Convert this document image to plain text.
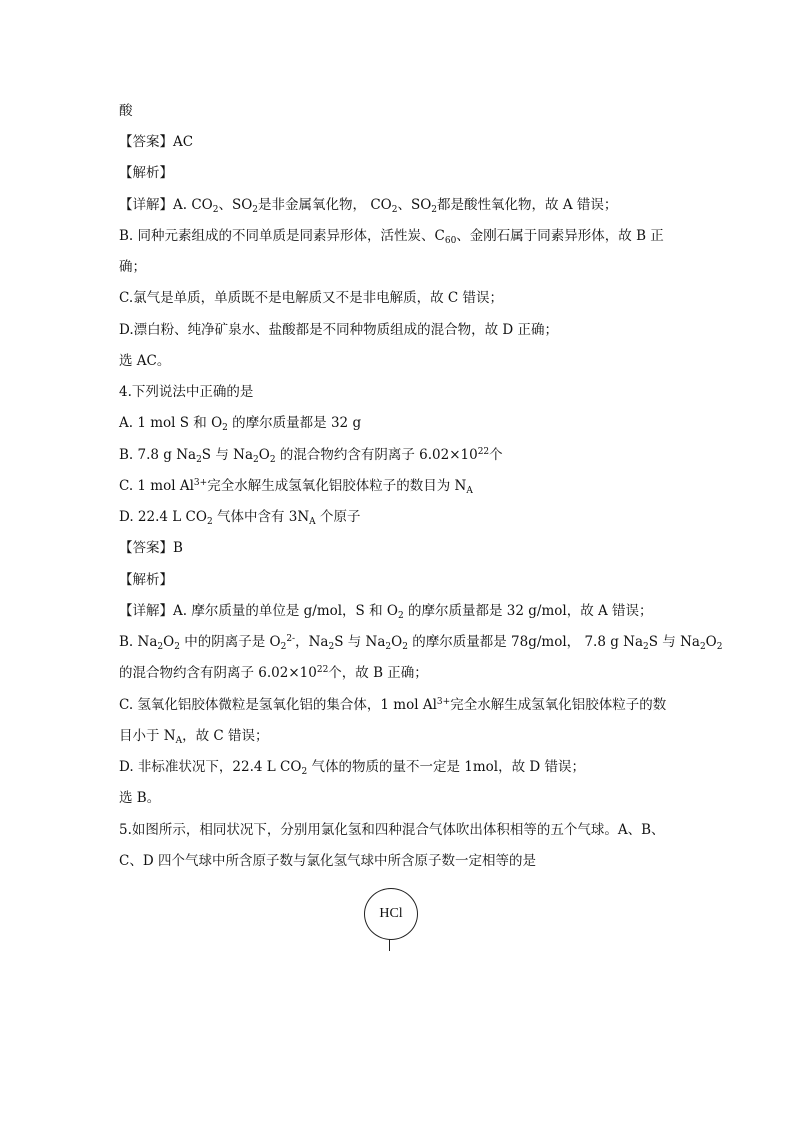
酸
【答案】AC
【解析】
【详解】A. $CO_2$、$SO_2$是非金属氧化物， $CO_2$、$SO_2$都是酸性氧化物，故 A 错误；
B. 同种元素组成的不同单质是同素异形体，活性炭、$C_{60}$、金刚石属于同素异形体，故 B 正
确；
C.氯气是单质，单质既不是电解质又不是非电解质，故 C 错误；
D.漂白粉、纯净矿泉水、盐酸都是不同种物质组成的混合物，故 D 正确；
选 AC。
4.下列说法中正确的是
A. 1 mol S 和 $O_2$ 的摩尔质量都是 32 g
B. 7.8 g $Na_2S$ 与 $Na_2O_2$ 的混合物约含有阴离子 $6.02\times 10^{22}$个
C. 1 mol $Al^{3+}$完全水解生成氢氧化铝胶体粒子的数目为 $N_A$
D. 22.4 L $CO_2$ 气体中含有 $3N_A$ 个原子
【答案】B
【解析】
【详解】A. 摩尔质量的单位是 g/mol，S 和 $O_2$ 的摩尔质量都是 32 g/mol，故 A 错误；
B. $Na_2O_2$ 中的阴离子是 $O_2^{2-}$，$Na_2S$ 与 $Na_2O_2$ 的摩尔质量都是 78g/mol， 7.8 g $Na_2S$ 与 $Na_2O_2$
的混合物约含有阴离子 $6.02\times 10^{22}$个，故 B 正确；
C. 氢氧化铝胶体微粒是氢氧化铝的集合体，1 mol $Al^{3+}$完全水解生成氢氧化铝胶体粒子的数
目小于 $N_A$，故 C 错误；
D. 非标准状况下，22.4 L $CO_2$ 气体的物质的量不一定是 1mol，故 D 错误；
选 B。
5.如图所示，相同状况下，分别用氯化氢和四种混合气体吹出体积相等的五个气球。A、B、
C、D 四个气球中所含原子数与氯化氢气球中所含原子数一定相等的是
HCl
